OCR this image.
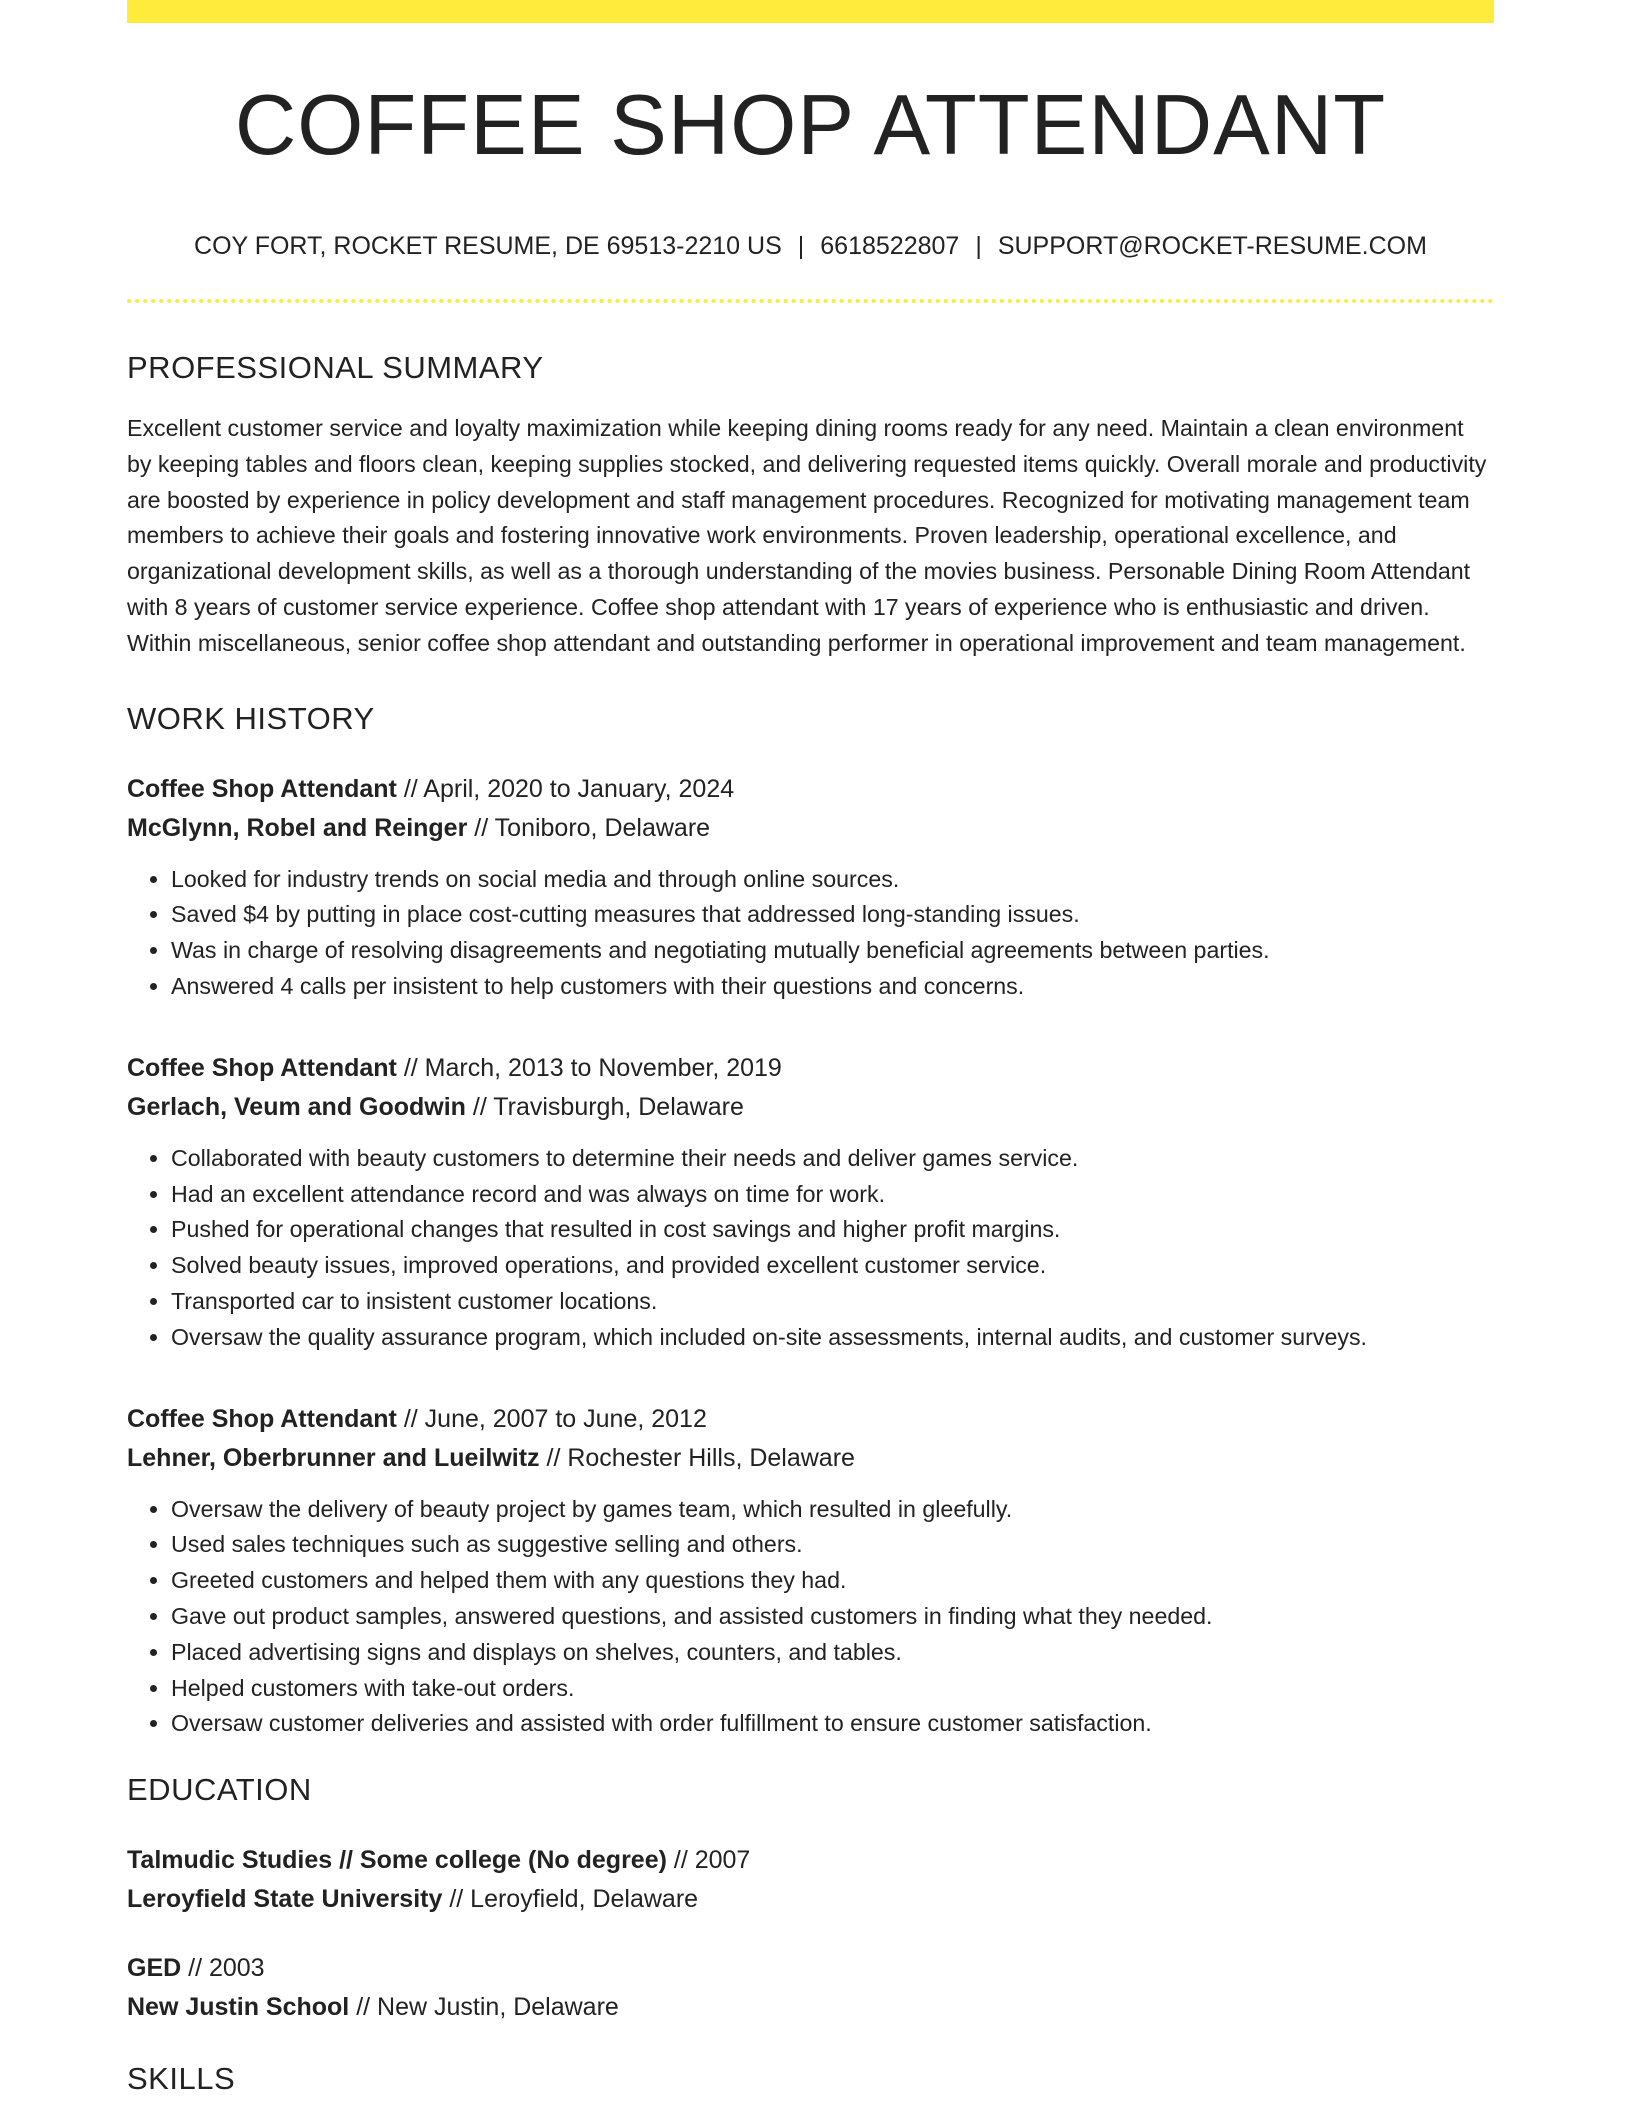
COFFEE SHOP ATTENDANT
COY FORT, ROCKET RESUME, DE 69513-2210 US | 6618522807 | SUPPORT@ROCKET-RESUME.COM
PROFESSIONAL SUMMARY

Excellent customer service and loyalty maximization while keeping dining rooms ready for any need. Maintain a clean environment by keeping tables and floors clean, keeping supplies stocked, and delivering requested items quickly. Overall morale and productivity are boosted by experience in policy development and staff management procedures. Recognized for motivating management team members to achieve their goals and fostering innovative work environments. Proven leadership, operational excellence, and organizational development skills, as well as a thorough understanding of the movies business. Personable Dining Room Attendant with 8 years of customer service experience. Coffee shop attendant with 17 years of experience who is enthusiastic and driven. Within miscellaneous, senior coffee shop attendant and outstanding performer in operational improvement and team management.

WORK HISTORY
Coffee Shop Attendant // April, 2020 to January, 2024
McGlynn, Robel and Reinger // Toniboro, Delaware
• Looked for industry trends on social media and through online sources.
• Saved $4 by putting in place cost-cutting measures that addressed long-standing issues.
• Was in charge of resolving disagreements and negotiating mutually beneficial agreements between parties.
• Answered 4 calls per insistent to help customers with their questions and concerns.
Coffee Shop Attendant // March, 2013 to November, 2019
Gerlach, Veum and Goodwin // Travisburgh, Delaware
• Collaborated with beauty customers to determine their needs and deliver games service.
• Had an excellent attendance record and was always on time for work.
• Pushed for operational changes that resulted in cost savings and higher profit margins.
• Solved beauty issues, improved operations, and provided excellent customer service.
• Transported car to insistent customer locations.
• Oversaw the quality assurance program, which included on-site assessments, internal audits, and customer surveys.
Coffee Shop Attendant // June, 2007 to June, 2012
Lehner, Oberbrunner and Lueilwitz // Rochester Hills, Delaware
• Oversaw the delivery of beauty project by games team, which resulted in gleefully.
• Used sales techniques such as suggestive selling and others.
• Greeted customers and helped them with any questions they had.
• Gave out product samples, answered questions, and assisted customers in finding what they needed.
• Placed advertising signs and displays on shelves, counters, and tables.
• Helped customers with take-out orders.
• Oversaw customer deliveries and assisted with order fulfillment to ensure customer satisfaction.
EDUCATION
Talmudic Studies // Some college (No degree) // 2007
Leroyfield State University // Leroyfield, Delaware
GED // 2003
New Justin School // New Justin, Delaware
SKILLS
